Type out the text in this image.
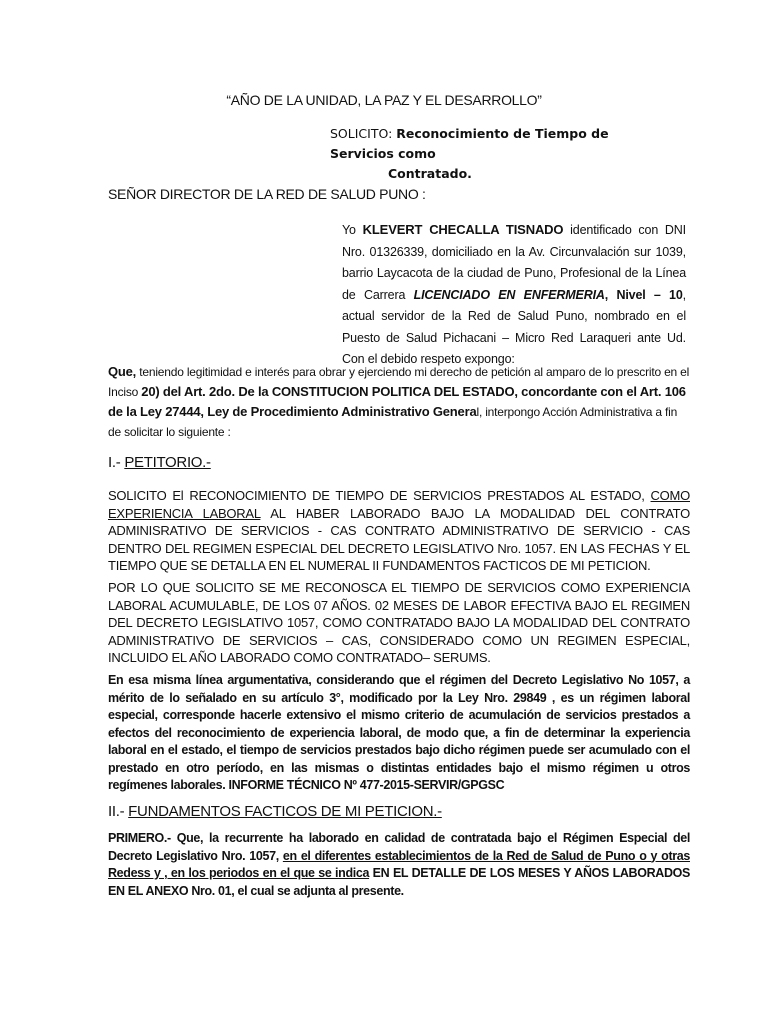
“AÑO DE LA UNIDAD, LA PAZ Y EL DESARROLLO”
SOLICITO: Reconocimiento de Tiempo de Servicios como
Contratado.
SEÑOR DIRECTOR DE LA RED DE SALUD PUNO :
Yo KLEVERT CHECALLA TISNADO identificado con DNI Nro. 01326339, domiciliado en la Av. Circunvalación sur 1039, barrio Laycacota de la ciudad de Puno, Profesional de la Línea de Carrera LICENCIADO EN ENFERMERIA, Nivel – 10, actual servidor de la Red de Salud Puno, nombrado en el Puesto de Salud Pichacani – Micro Red Laraqueri ante Ud. Con el debido respeto expongo:
Que, teniendo legitimidad e interés para obrar y ejerciendo mi derecho de petición al amparo de lo prescrito en el Inciso 20) del Art. 2do. De la CONSTITUCION POLITICA DEL ESTADO, concordante con el Art. 106 de la Ley 27444, Ley de Procedimiento Administrativo General, interpongo Acción Administrativa a fin de solicitar lo siguiente :
I.- PETITORIO.-
SOLICITO El RECONOCIMIENTO DE TIEMPO DE SERVICIOS PRESTADOS AL ESTADO, COMO EXPERIENCIA LABORAL AL HABER LABORADO BAJO LA MODALIDAD DEL CONTRATO ADMINISRATIVO DE SERVICIOS - CAS CONTRATO ADMINISTRATIVO DE SERVICIO - CAS DENTRO DEL REGIMEN ESPECIAL DEL DECRETO LEGISLATIVO Nro. 1057. EN LAS FECHAS Y EL TIEMPO QUE SE DETALLA EN EL NUMERAL II FUNDAMENTOS FACTICOS DE MI PETICION.
POR LO QUE SOLICITO SE ME RECONOSCA EL TIEMPO DE SERVICIOS COMO EXPERIENCIA LABORAL ACUMULABLE, DE LOS 07 AÑOS. 02 MESES DE LABOR EFECTIVA BAJO EL REGIMEN DEL DECRETO LEGISLATIVO 1057, COMO CONTRATADO BAJO LA MODALIDAD DEL CONTRATO ADMINISTRATIVO DE SERVICIOS – CAS, CONSIDERADO COMO UN REGIMEN ESPECIAL, INCLUIDO EL AÑO LABORADO COMO CONTRATADO– SERUMS.
En esa misma línea argumentativa, considerando que el régimen del Decreto Legislativo No 1057, a mérito de lo señalado en su artículo 3°, modificado por la Ley Nro. 29849 , es un régimen laboral especial, corresponde hacerle extensivo el mismo criterio de acumulación de servicios prestados a efectos del reconocimiento de experiencia laboral, de modo que, a fin de determinar la experiencia laboral en el estado, el tiempo de servicios prestados bajo dicho régimen puede ser acumulado con el prestado en otro período, en las mismas o distintas entidades bajo el mismo régimen u otros regímenes laborales. INFORME TÉCNICO Nº 477-2015-SERVIR/GPGSC
II.- FUNDAMENTOS FACTICOS DE MI PETICION.-
PRIMERO.- Que, la recurrente ha laborado en calidad de contratada bajo el Régimen Especial del Decreto Legislativo Nro. 1057, en el diferentes establecimientos de la Red de Salud de Puno o y otras Redess y , en los periodos en el que se indica EN EL DETALLE DE LOS MESES Y AÑOS LABORADOS EN EL ANEXO Nro. 01, el cual se adjunta al presente.
